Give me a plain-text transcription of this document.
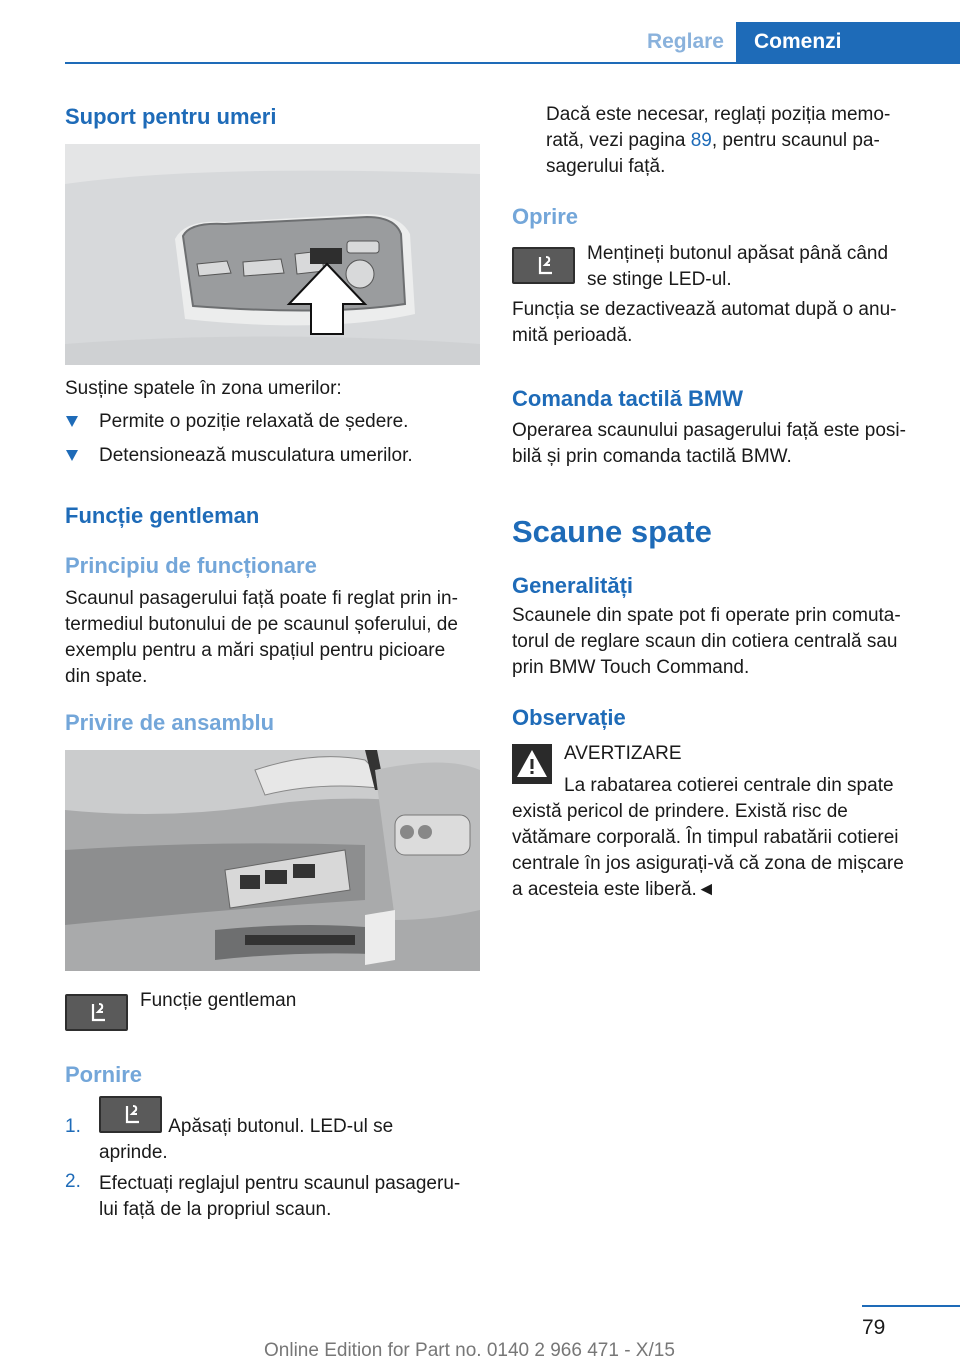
Reglare	Comenzi
Suport pentru umeri
Susține spatele în zona umerilor:
Permite o poziție relaxată de ședere.
Detensionează musculatura umerilor.
Funcție gentleman
Principiu de funcționare
Scaunul pasagerului față poate fi reglat prin in-
termediul butonului de pe scaunul șoferului, de
exemplu pentru a mări spațiul pentru picioare
din spate.
Privire de ansamblu
Funcție gentleman
Pornire
1.	Apăsați butonul. LED-ul se
aprinde.
2. Efectuați reglajul pentru scaunul pasageru-
lui față de la propriul scaun.
Dacă este necesar, reglați poziția memo-
rată, vezi pagina 89, pentru scaunul pa-
sagerului față.
Oprire
Mențineți butonul apăsat până când
se stinge LED-ul.
Funcția se dezactivează automat după o anu-
mită perioadă.
Comanda tactilă BMW
Operarea scaunului pasagerului față este posi-
bilă și prin comanda tactilă BMW.
Scaune spate
Generalități
Scaunele din spate pot fi operate prin comuta-
torul de reglare scaun din cotiera centrală sau
prin BMW Touch Command.
Observație
AVERTIZARE
La rabatarea cotierei centrale din spate
există pericol de prindere. Există risc de
vătămare corporală. În timpul rabatării cotierei
centrale în jos asigurați-vă că zona de mișcare
a acesteia este liberă.◄
79
Online Edition for Part no. 0140 2 966 471 - X/15
